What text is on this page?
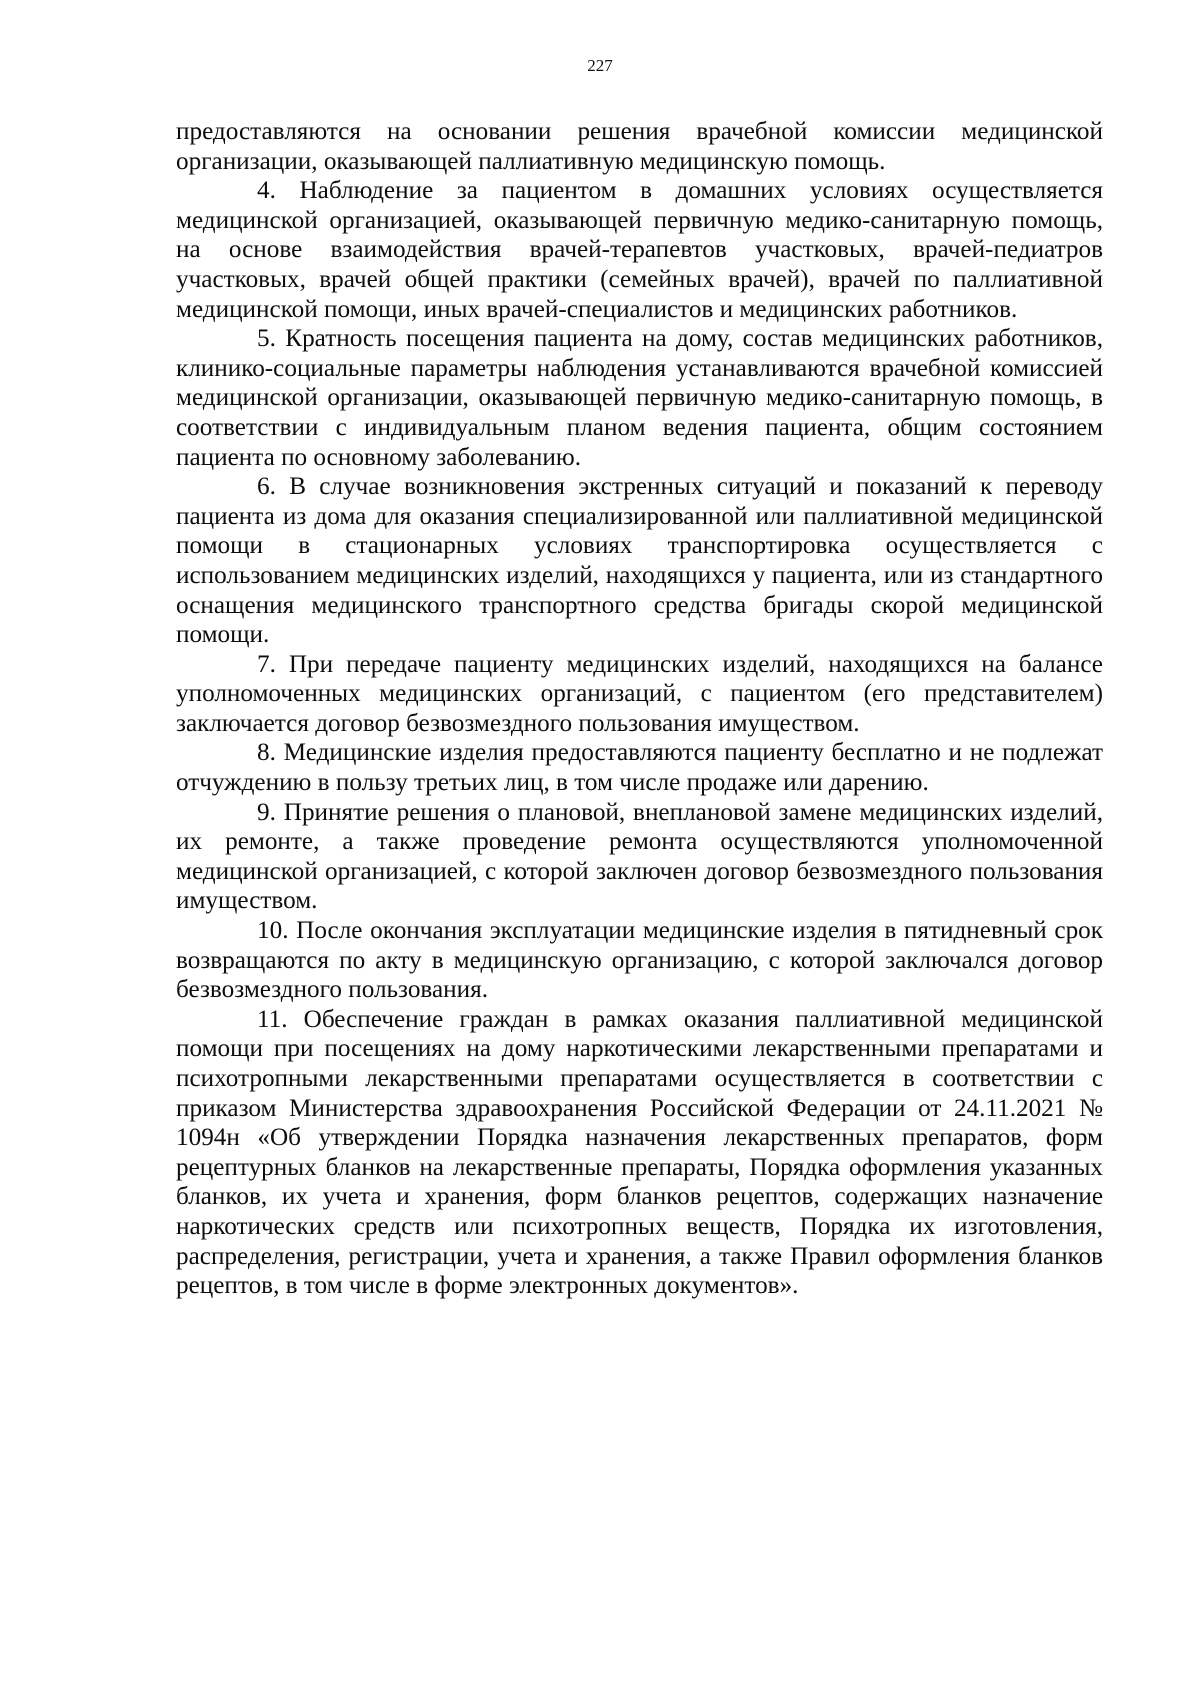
227

предоставляются на основании решения врачебной комиссии медицинской организации, оказывающей паллиативную медицинскую помощь.

4. Наблюдение за пациентом в домашних условиях осуществляется медицинской организацией, оказывающей первичную медико-санитарную помощь, на основе взаимодействия врачей-терапевтов участковых, врачей-педиатров участковых, врачей общей практики (семейных врачей), врачей по паллиативной медицинской помощи, иных врачей-специалистов и медицинских работников.

5. Кратность посещения пациента на дому, состав медицинских работников, клинико-социальные параметры наблюдения устанавливаются врачебной комиссией медицинской организации, оказывающей первичную медико-санитарную помощь, в соответствии с индивидуальным планом ведения пациента, общим состоянием пациента по основному заболеванию.

6. В случае возникновения экстренных ситуаций и показаний к переводу пациента из дома для оказания специализированной или паллиативной медицинской помощи в стационарных условиях транспортировка осуществляется с использованием медицинских изделий, находящихся у пациента, или из стандартного оснащения медицинского транспортного средства бригады скорой медицинской помощи.

7. При передаче пациенту медицинских изделий, находящихся на балансе уполномоченных медицинских организаций, с пациентом (его представителем) заключается договор безвозмездного пользования имуществом.

8. Медицинские изделия предоставляются пациенту бесплатно и не подлежат отчуждению в пользу третьих лиц, в том числе продаже или дарению.

9. Принятие решения о плановой, внеплановой замене медицинских изделий, их ремонте, а также проведение ремонта осуществляются уполномоченной медицинской организацией, с которой заключен договор безвозмездного пользования имуществом.

10. После окончания эксплуатации медицинские изделия в пятидневный срок возвращаются по акту в медицинскую организацию, с которой заключался договор безвозмездного пользования.

11. Обеспечение граждан в рамках оказания паллиативной медицинской помощи при посещениях на дому наркотическими лекарственными препаратами и психотропными лекарственными препаратами осуществляется в соответствии с приказом Министерства здравоохранения Российской Федерации от 24.11.2021 № 1094н «Об утверждении Порядка назначения лекарственных препаратов, форм рецептурных бланков на лекарственные препараты, Порядка оформления указанных бланков, их учета и хранения, форм бланков рецептов, содержащих назначение наркотических средств или психотропных веществ, Порядка их изготовления, распределения, регистрации, учета и хранения, а также Правил оформления бланков рецептов, в том числе в форме электронных документов».
